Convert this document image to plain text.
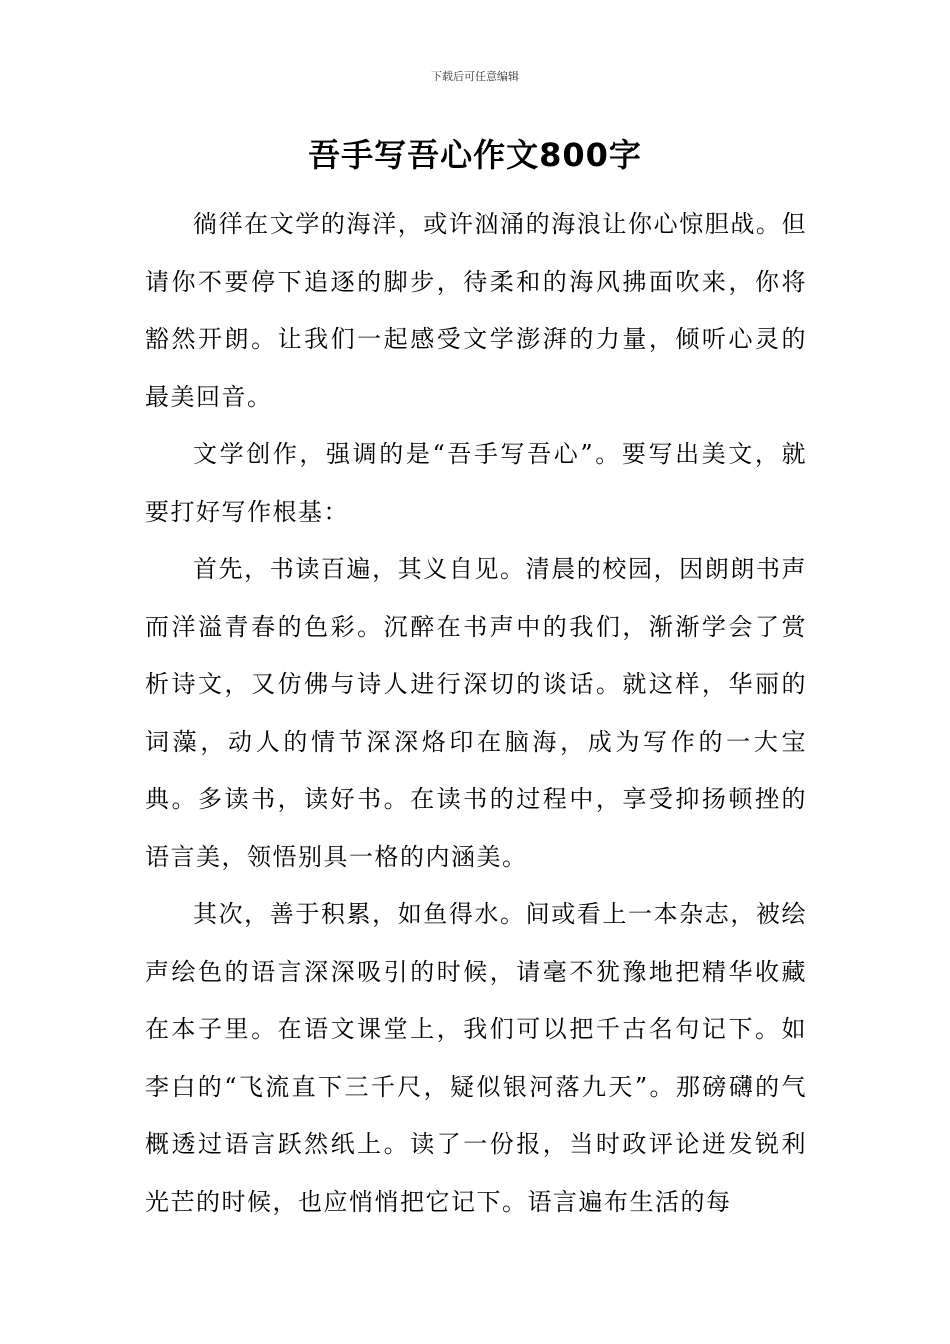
下载后可任意编辑
吾手写吾心作文800字

徜徉在文学的海洋，或许汹涌的海浪让你心惊胆战。但请你不要停下追逐的脚步，待柔和的海风拂面吹来，你将豁然开朗。让我们一起感受文学澎湃的力量，倾听心灵的最美回音。

文学创作，强调的是“吾手写吾心”。要写出美文，就要打好写作根基：

首先，书读百遍，其义自见。清晨的校园，因朗朗书声而洋溢青春的色彩。沉醉在书声中的我们，渐渐学会了赏析诗文，又仿佛与诗人进行深切的谈话。就这样，华丽的词藻，动人的情节深深烙印在脑海，成为写作的一大宝典。多读书，读好书。在读书的过程中，享受抑扬顿挫的语言美，领悟别具一格的内涵美。

其次，善于积累，如鱼得水。间或看上一本杂志，被绘声绘色的语言深深吸引的时候，请毫不犹豫地把精华收藏在本子里。在语文课堂上，我们可以把千古名句记下。如李白的“飞流直下三千尺，疑似银河落九天”。那磅礴的气概透过语言跃然纸上。读了一份报，当时政评论迸发锐利光芒的时候，也应悄悄把它记下。语言遍布生活的每
